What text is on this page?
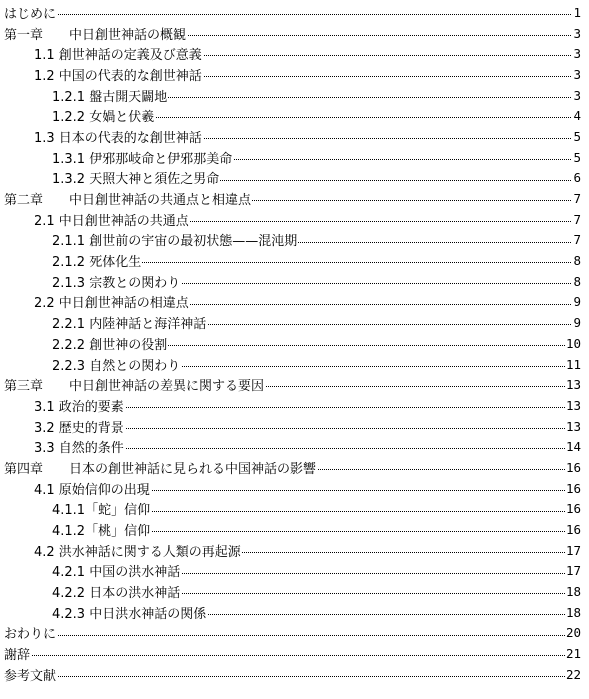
はじめに	1
第一章　　中日創世神話の概観	3
1.1 創世神話の定義及び意義	3
1.2 中国の代表的な創世神話	3
1.2.1 盤古開天闢地	3
1.2.2 女媧と伏羲	4
1.3 日本の代表的な創世神話	5
1.3.1 伊邪那岐命と伊邪那美命	5
1.3.2 天照大神と須佐之男命	6
第二章　　中日創世神話の共通点と相違点	7
2.1 中日創世神話の共通点	7
2.1.1 創世前の宇宙の最初状態——混沌期	7
2.1.2 死体化生	8
2.1.3 宗教との関わり	8
2.2 中日創世神話の相違点	9
2.2.1 内陸神話と海洋神話	9
2.2.2 創世神の役割	10
2.2.3 自然との関わり	11
第三章　　中日創世神話の差異に関する要因	13
3.1 政治的要素	13
3.2 歴史的背景	13
3.3 自然的条件	14
第四章　　日本の創世神話に見られる中国神話の影響	16
4.1 原始信仰の出現	16
4.1.1「蛇」信仰	16
4.1.2「桃」信仰	16
4.2 洪水神話に関する人類の再起源	17
4.2.1 中国の洪水神話	17
4.2.2 日本の洪水神話	18
4.2.3 中日洪水神話の関係	18
おわりに	20
謝辞	21
参考文献	22
